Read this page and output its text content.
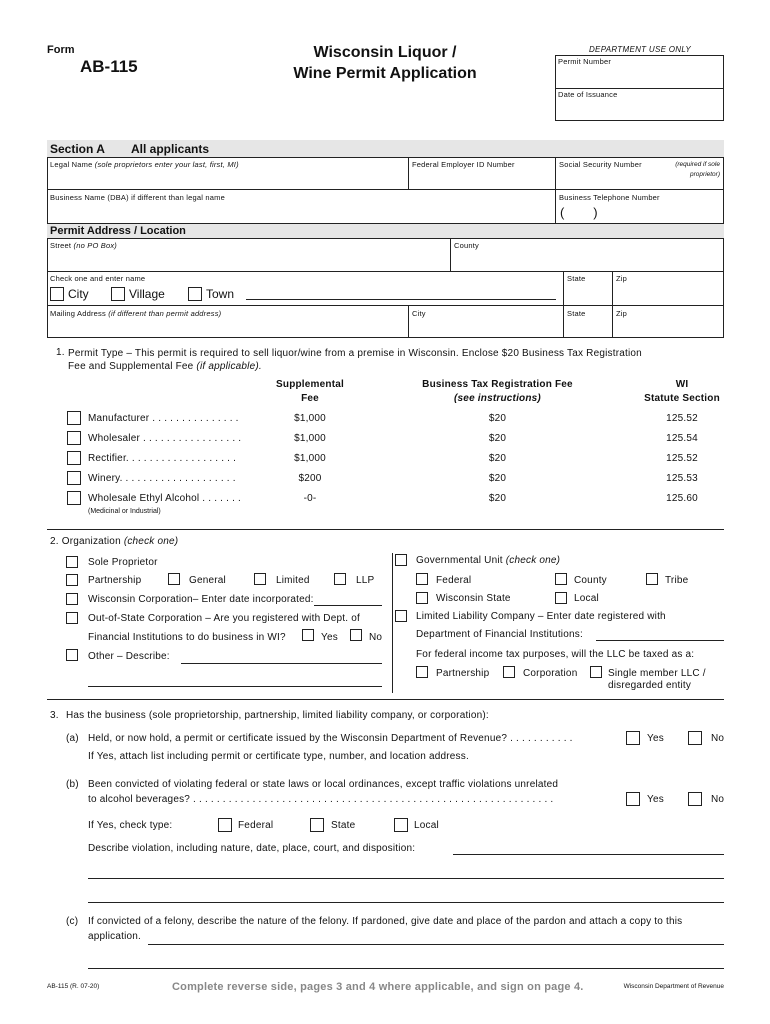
Form
AB-115
Wisconsin Liquor /
Wine Permit Application
DEPARTMENT USE ONLY
Permit Number
Date of Issuance
Section A All applicants
Legal Name (sole proprietors enter your last, first, MI)	Federal Employer ID Number	Social Security Number	(required if sole
proprietor)
Business Name (DBA) if different than legal name	Business Telephone Number
(        )
Permit Address / Location
Street (no PO Box)	County
Check one and enter name	State	Zip
City	Village	Town
Mailing Address (if different than permit address)	City	State	Zip
1. Permit Type – This permit is required to sell liquor/wine from a premise in Wisconsin. Enclose $20 Business Tax Registration
Fee and Supplemental Fee (if applicable).
Supplemental
Fee
Business Tax Registration Fee
(see instructions)
WI
Statute Section
Manufacturer . . . . . . . . . . . . . . .	$1,000	$20	125.52
Wholesaler . . . . . . . . . . . . . . . . .	$1,000	$20	125.54
Rectifier. . . . . . . . . . . . . . . . . . .	$1,000	$20	125.52
Winery. . . . . . . . . . . . . . . . . . . .	$200	$20	125.53
Wholesale Ethyl Alcohol . . . . . . .	-0-	$20	125.60
(Medicinal or Industrial)
2. Organization (check one)
Sole Proprietor
Partnership	General	Limited	LLP
Wisconsin Corporation– Enter date incorporated:
Out-of-State Corporation – Are you registered with Dept. of
Financial Institutions to do business in WI?	Yes	No
Other – Describe:
Governmental Unit (check one)
Federal	County	Tribe
Wisconsin State	Local
Limited Liability Company – Enter date registered with
Department of Financial Institutions:
For federal income tax purposes, will the LLC be taxed as a:
Partnership	Corporation	Single member LLC /
disregarded entity
3. Has the business (sole proprietorship, partnership, limited liability company, or corporation):
(a) Held, or now hold, a permit or certificate issued by the Wisconsin Department of Revenue? . . . . . . . . . . .	Yes	No
If Yes, attach list including permit or certificate type, number, and location address.
(b) Been convicted of violating federal or state laws or local ordinances, except traffic violations unrelated
to alcohol beverages? . . . . . . . . . . . . . . . . . . . . . . . . . . . . . . . . . . . . . . . . . . . . . . . . . . . . . . . . . . . . .	Yes	No
If Yes, check type:	Federal	State	Local
Describe violation, including nature, date, place, court, and disposition:
(c) If convicted of a felony, describe the nature of the felony. If pardoned, give date and place of the pardon and attach a copy to this
application.
AB-115 (R. 07-20)	Complete reverse side, pages 3 and 4 where applicable, and sign on page 4.	Wisconsin Department of Revenue
